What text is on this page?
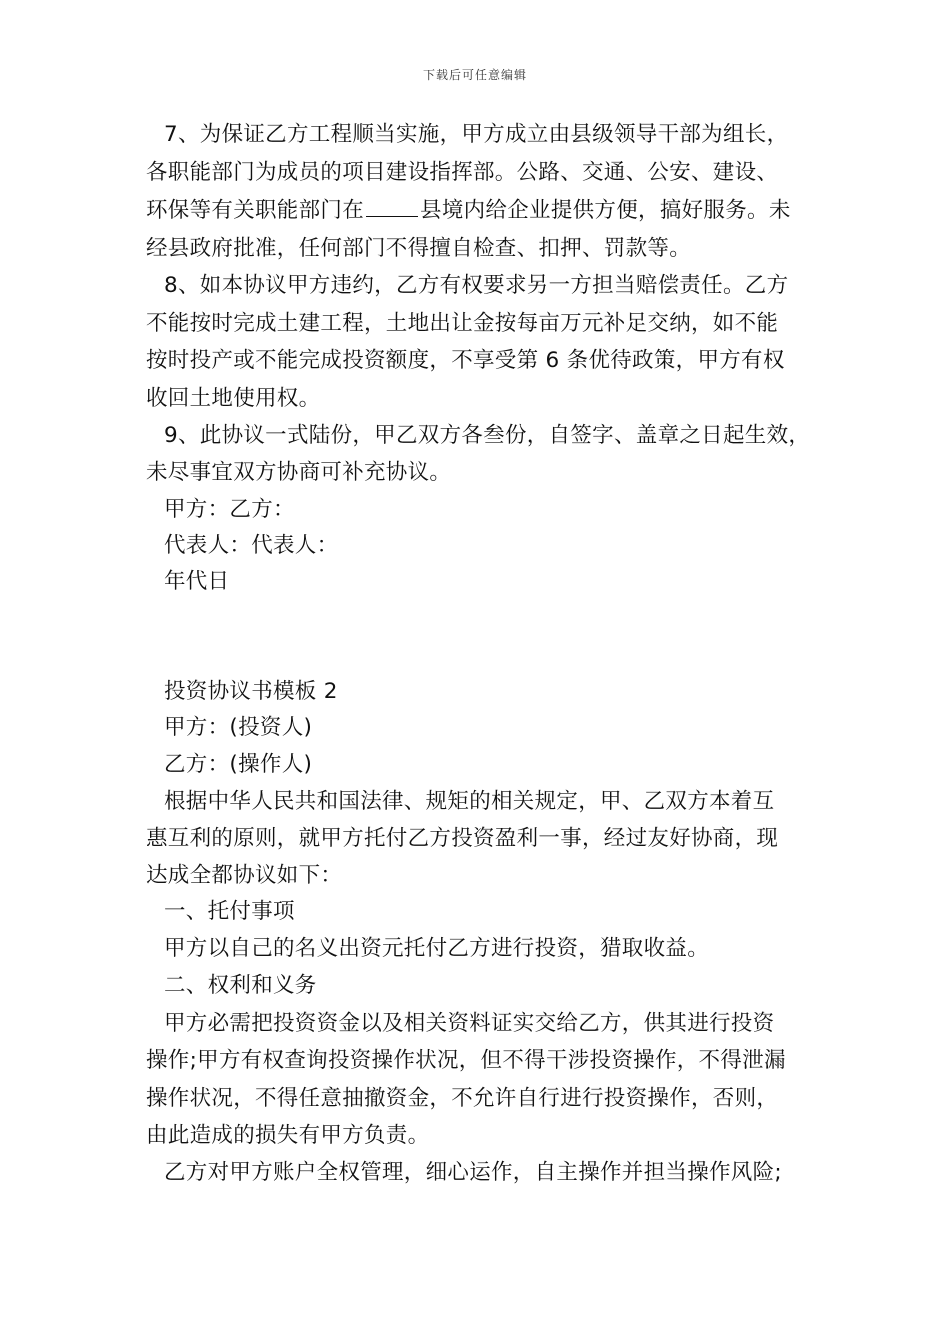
下载后可任意编辑
7、为保证乙方工程顺当实施，甲方成立由县级领导干部为组长，
各职能部门为成员的项目建设指挥部。公路、交通、公安、建设、
环保等有关职能部门在	县境内给企业提供方便，搞好服务。未
经县政府批准，任何部门不得擅自检查、扣押、罚款等。
8、如本协议甲方违约，乙方有权要求另一方担当赔偿责任。乙方
不能按时完成土建工程，土地出让金按每亩万元补足交纳，如不能
按时投产或不能完成投资额度，不享受第 6 条优待政策，甲方有权
收回土地使用权。
9、此协议一式陆份，甲乙双方各叁份，自签字、盖章之日起生效，
未尽事宜双方协商可补充协议。
甲方：乙方：
代表人：代表人：
年代日
投资协议书模板 2
甲方：(投资人)
乙方：(操作人)
根据中华人民共和国法律、规矩的相关规定，甲、乙双方本着互
惠互利的原则，就甲方托付乙方投资盈利一事，经过友好协商，现
达成全都协议如下：
一、托付事项
甲方以自己的名义出资元托付乙方进行投资，猎取收益。
二、权利和义务
甲方必需把投资资金以及相关资料证实交给乙方，供其进行投资
操作;甲方有权查询投资操作状况，但不得干涉投资操作，不得泄漏
操作状况，不得任意抽撤资金，不允许自行进行投资操作，否则，
由此造成的损失有甲方负责。
乙方对甲方账户全权管理，细心运作，自主操作并担当操作风险;
